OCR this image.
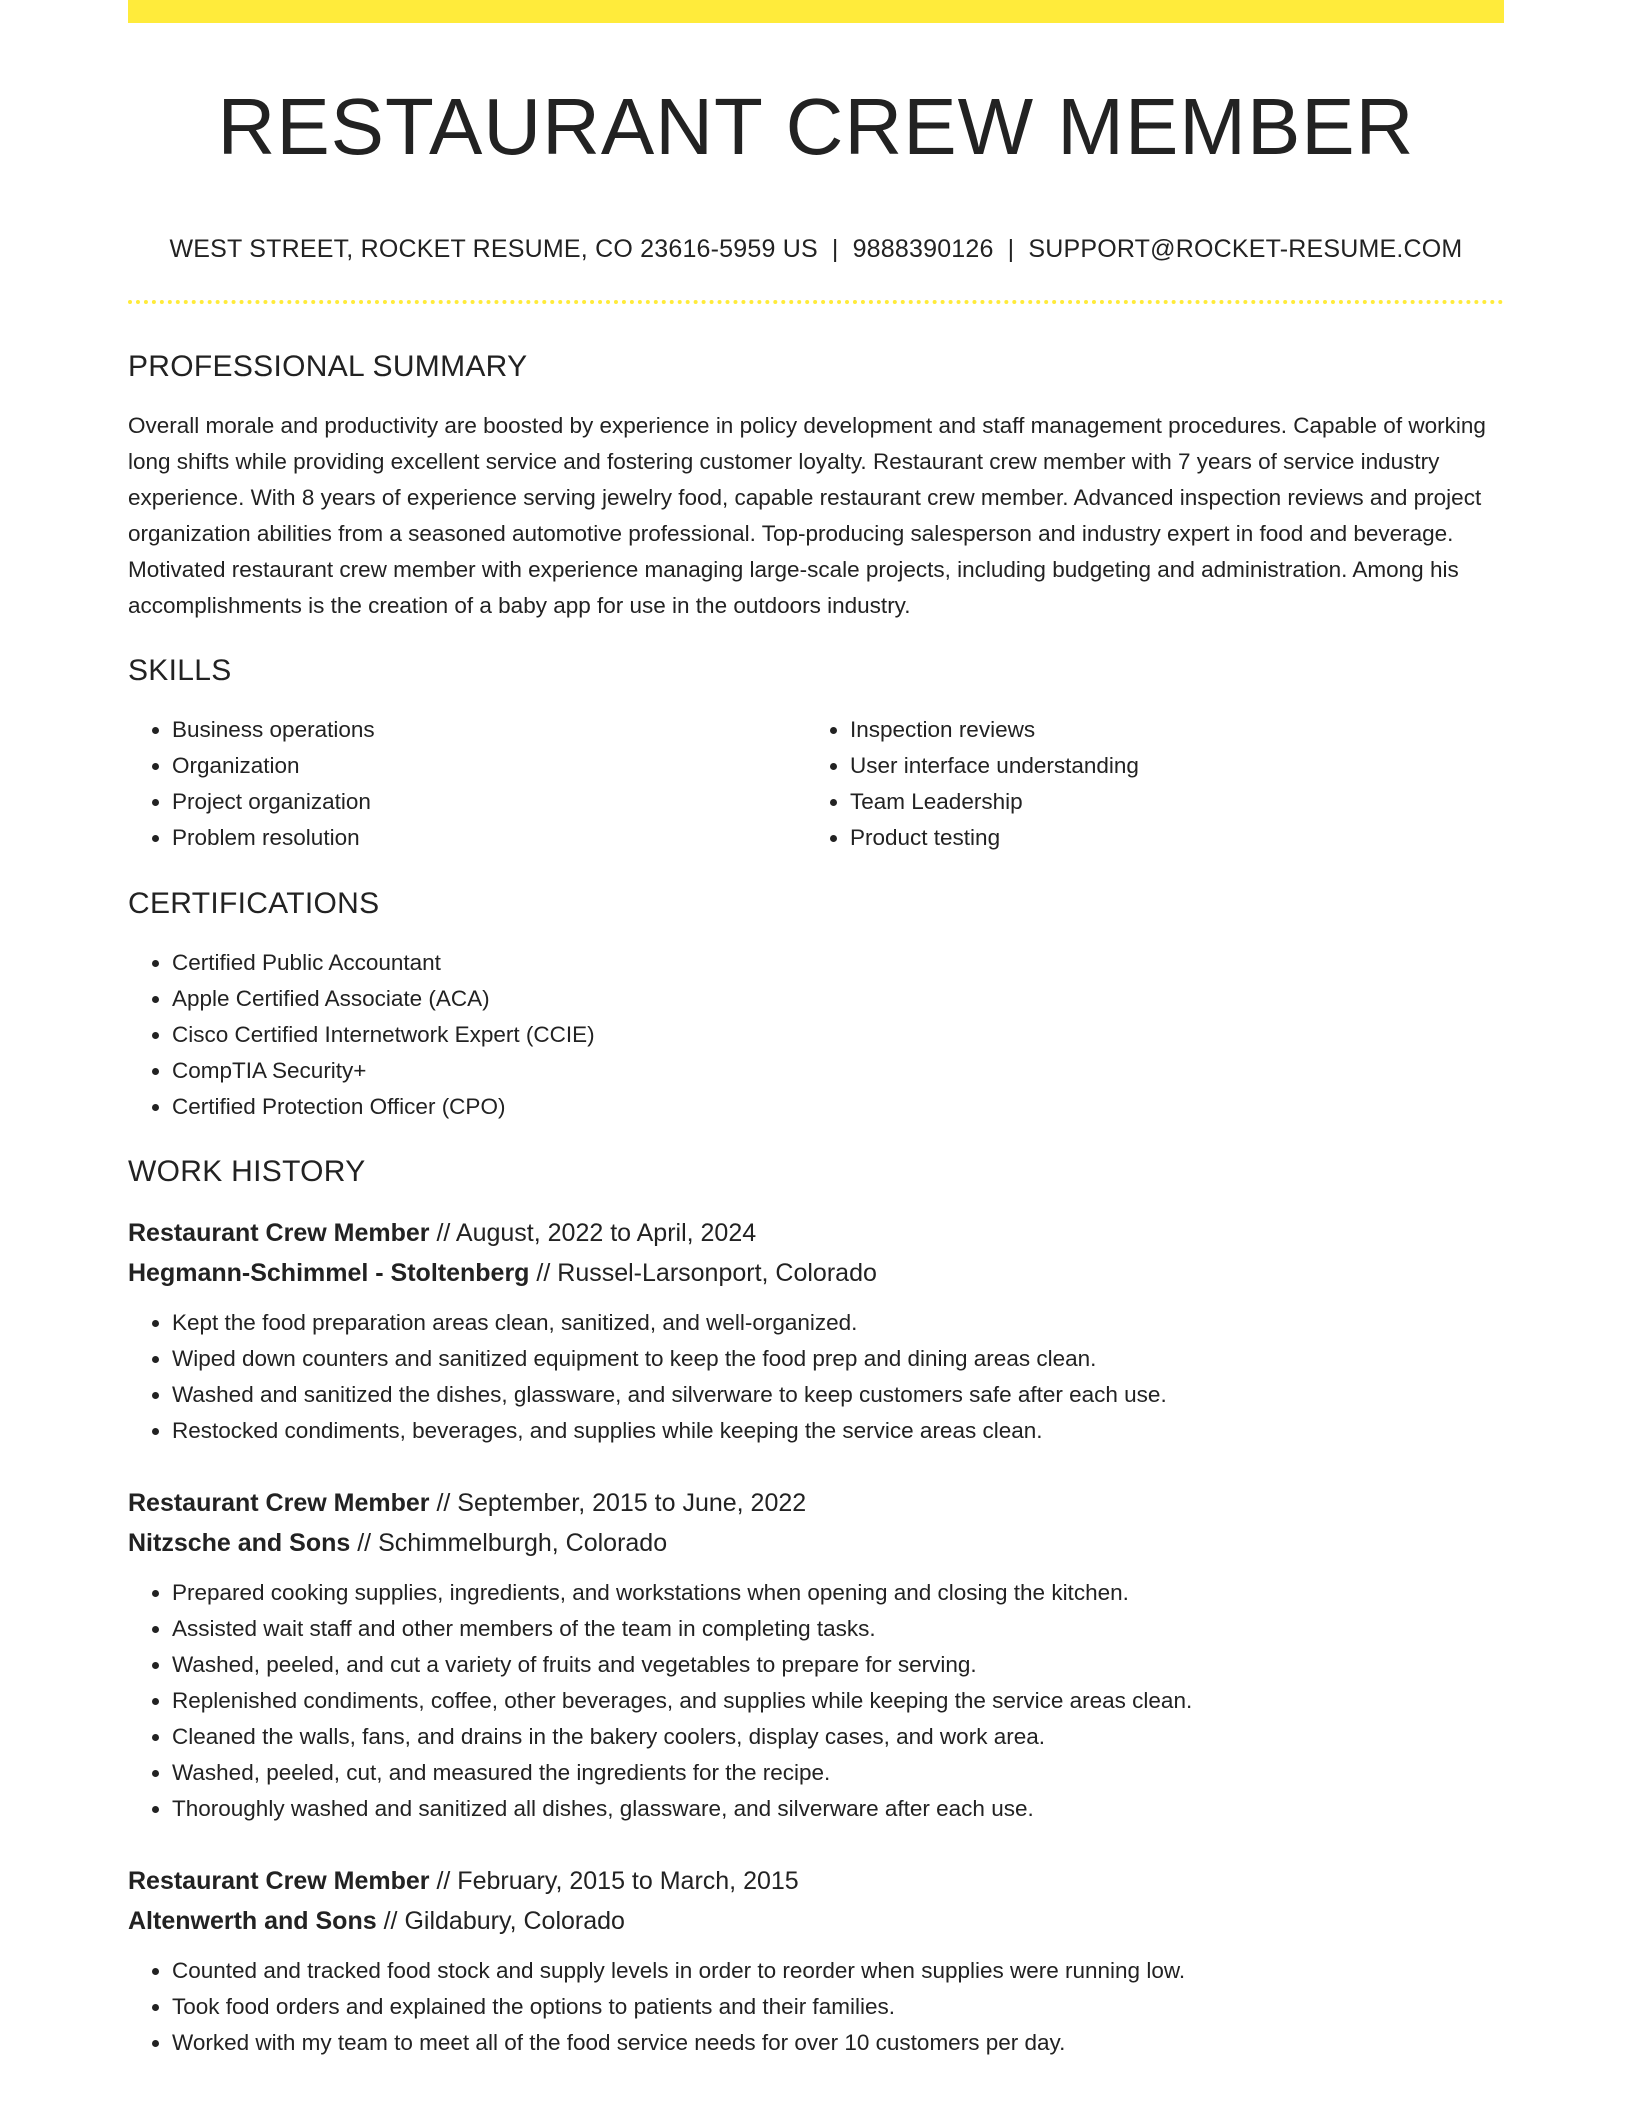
RESTAURANT CREW MEMBER
WEST STREET, ROCKET RESUME, CO 23616-5959 US | 9888390126 | SUPPORT@ROCKET-RESUME.COM
PROFESSIONAL SUMMARY

Overall morale and productivity are boosted by experience in policy development and staff management procedures. Capable of working long shifts while providing excellent service and fostering customer loyalty. Restaurant crew member with 7 years of service industry experience. With 8 years of experience serving jewelry food, capable restaurant crew member. Advanced inspection reviews and project organization abilities from a seasoned automotive professional. Top-producing salesperson and industry expert in food and beverage. Motivated restaurant crew member with experience managing large-scale projects, including budgeting and administration. Among his accomplishments is the creation of a baby app for use in the outdoors industry.

SKILLS
• Business operations
• Organization
• Project organization
• Problem resolution
• Inspection reviews
• User interface understanding
• Team Leadership
• Product testing
CERTIFICATIONS
• Certified Public Accountant
• Apple Certified Associate (ACA)
• Cisco Certified Internetwork Expert (CCIE)
• CompTIA Security+
• Certified Protection Officer (CPO)
WORK HISTORY
Restaurant Crew Member // August, 2022 to April, 2024
Hegmann-Schimmel - Stoltenberg // Russel-Larsonport, Colorado
• Kept the food preparation areas clean, sanitized, and well-organized.
• Wiped down counters and sanitized equipment to keep the food prep and dining areas clean.
• Washed and sanitized the dishes, glassware, and silverware to keep customers safe after each use.
• Restocked condiments, beverages, and supplies while keeping the service areas clean.
Restaurant Crew Member // September, 2015 to June, 2022
Nitzsche and Sons // Schimmelburgh, Colorado
• Prepared cooking supplies, ingredients, and workstations when opening and closing the kitchen.
• Assisted wait staff and other members of the team in completing tasks.
• Washed, peeled, and cut a variety of fruits and vegetables to prepare for serving.
• Replenished condiments, coffee, other beverages, and supplies while keeping the service areas clean.
• Cleaned the walls, fans, and drains in the bakery coolers, display cases, and work area.
• Washed, peeled, cut, and measured the ingredients for the recipe.
• Thoroughly washed and sanitized all dishes, glassware, and silverware after each use.
Restaurant Crew Member // February, 2015 to March, 2015
Altenwerth and Sons // Gildabury, Colorado
• Counted and tracked food stock and supply levels in order to reorder when supplies were running low.
• Took food orders and explained the options to patients and their families.
• Worked with my team to meet all of the food service needs for over 10 customers per day.
